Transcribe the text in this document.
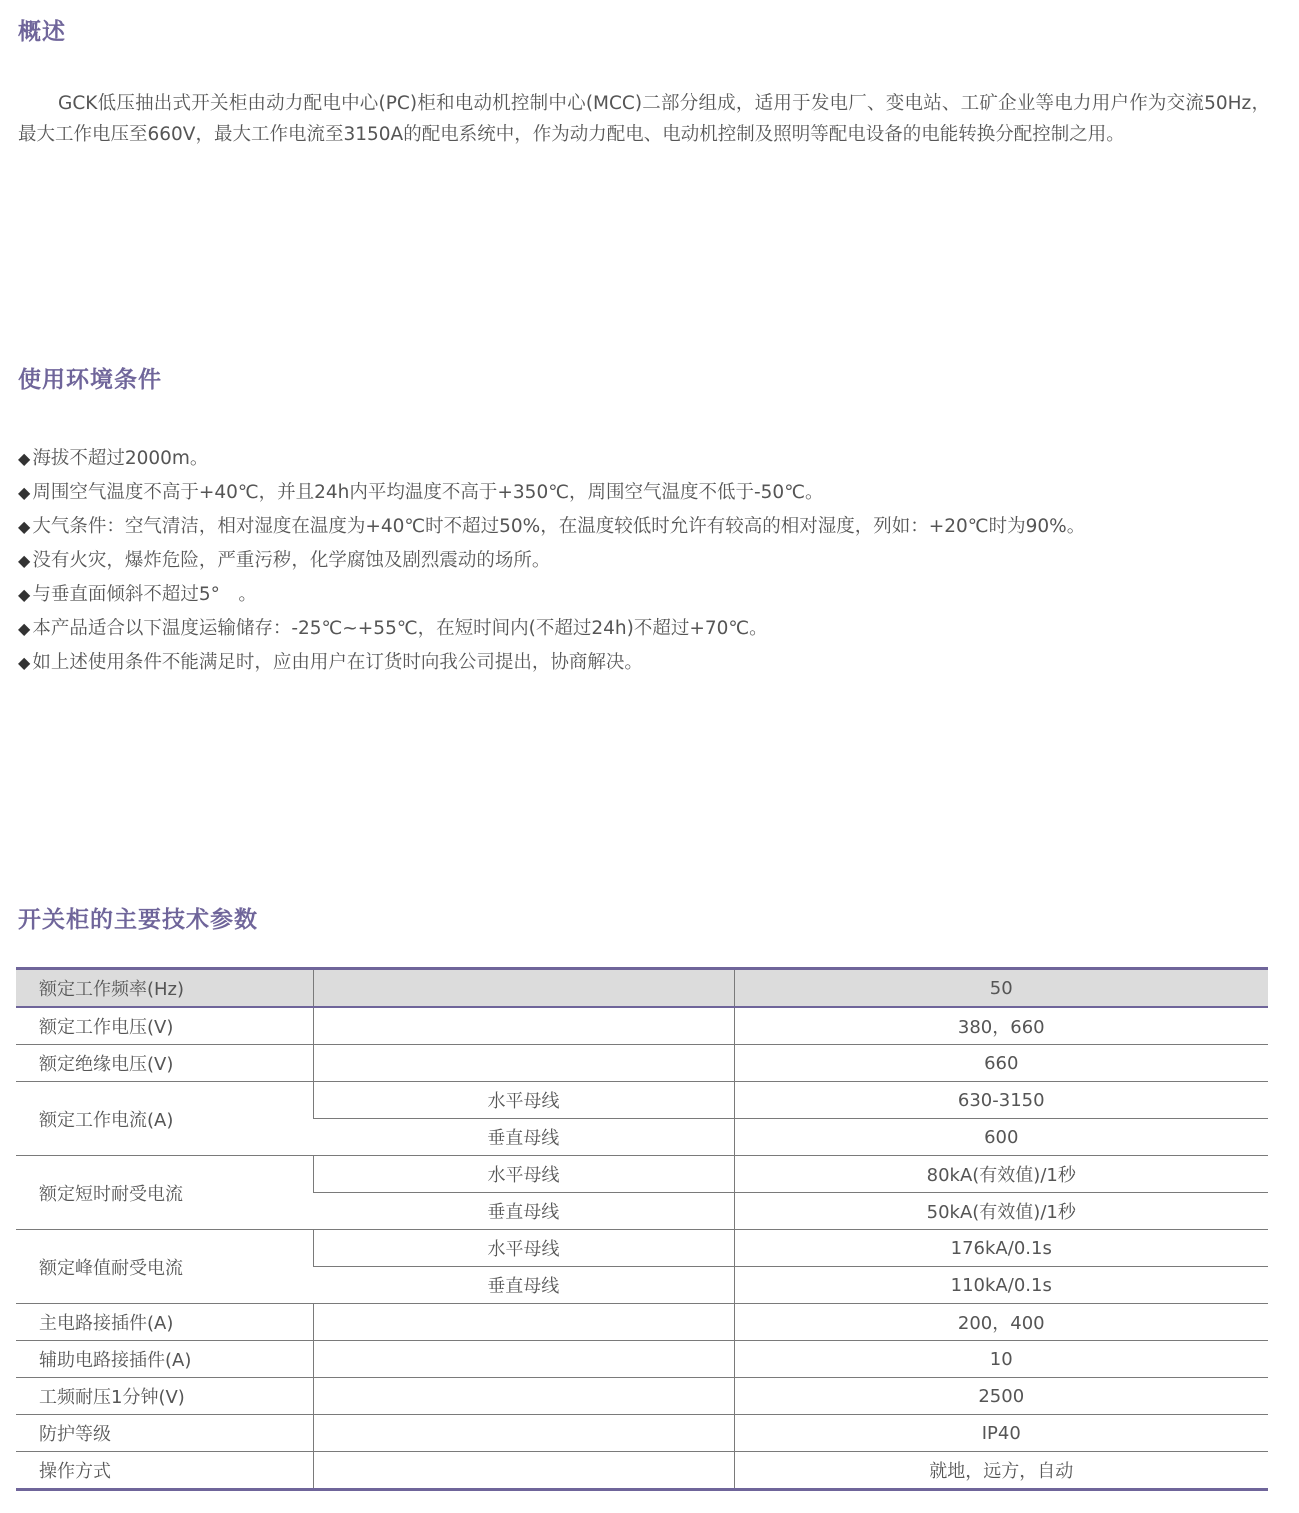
概述

GCK低压抽出式开关柜由动力配电中心(PC)柜和电动机控制中心(MCC)二部分组成，适用于发电厂、变电站、工矿企业等电力用户作为交流50Hz，最大工作电压至660V，最大工作电流至3150A的配电系统中，作为动力配电、电动机控制及照明等配电设备的电能转换分配控制之用。

使用环境条件
◆ 海拔不超过2000m。
◆ 周围空气温度不高于+40℃，并且24h内平均温度不高于+350℃，周围空气温度不低于-50℃。
◆ 大气条件：空气清洁，相对湿度在温度为+40℃时不超过50%，在温度较低时允许有较高的相对湿度，列如：+20℃时为90%。
◆ 没有火灾，爆炸危险，严重污秽，化学腐蚀及剧烈震动的场所。
◆ 与垂直面倾斜不超过5°　。
◆ 本产品适合以下温度运输储存：-25℃~+55℃，在短时间内(不超过24h)不超过+70℃。
◆ 如上述使用条件不能满足时，应由用户在订货时向我公司提出，协商解决。
开关柜的主要技术参数
额定工作频率(Hz)		50
额定工作电压(V)		380，660
额定绝缘电压(V)		660
额定工作电流(A)	水平母线	630-3150
	垂直母线	600
额定短时耐受电流	水平母线	80kA(有效值)/1秒
	垂直母线	50kA(有效值)/1秒
额定峰值耐受电流	水平母线	176kA/0.1s
	垂直母线	110kA/0.1s
主电路接插件(A)		200，400
辅助电路接插件(A)		10
工频耐压1分钟(V)		2500
防护等级		IP40
操作方式		就地，远方，自动
